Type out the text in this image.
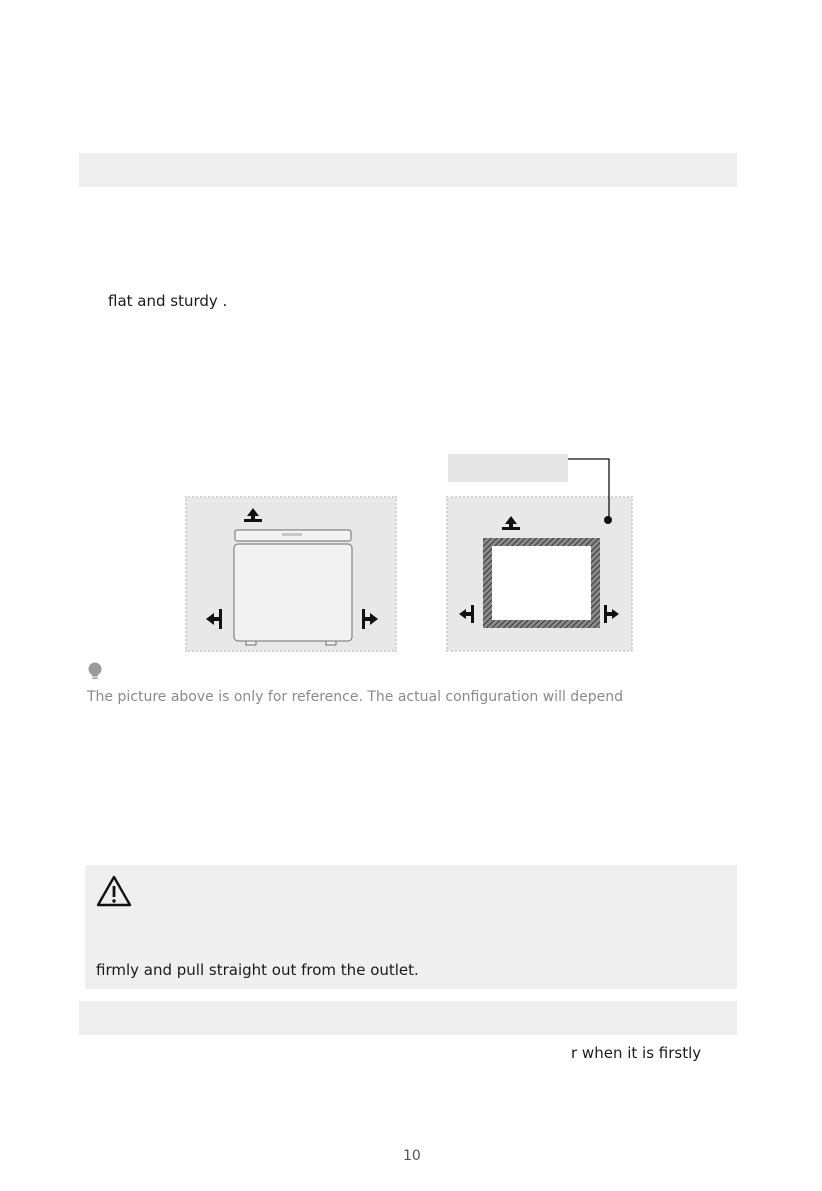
flat and sturdy .
The picture above is only for reference. The actual configuration will depend
firmly and pull straight out from the outlet.
r when it is firstly
10
